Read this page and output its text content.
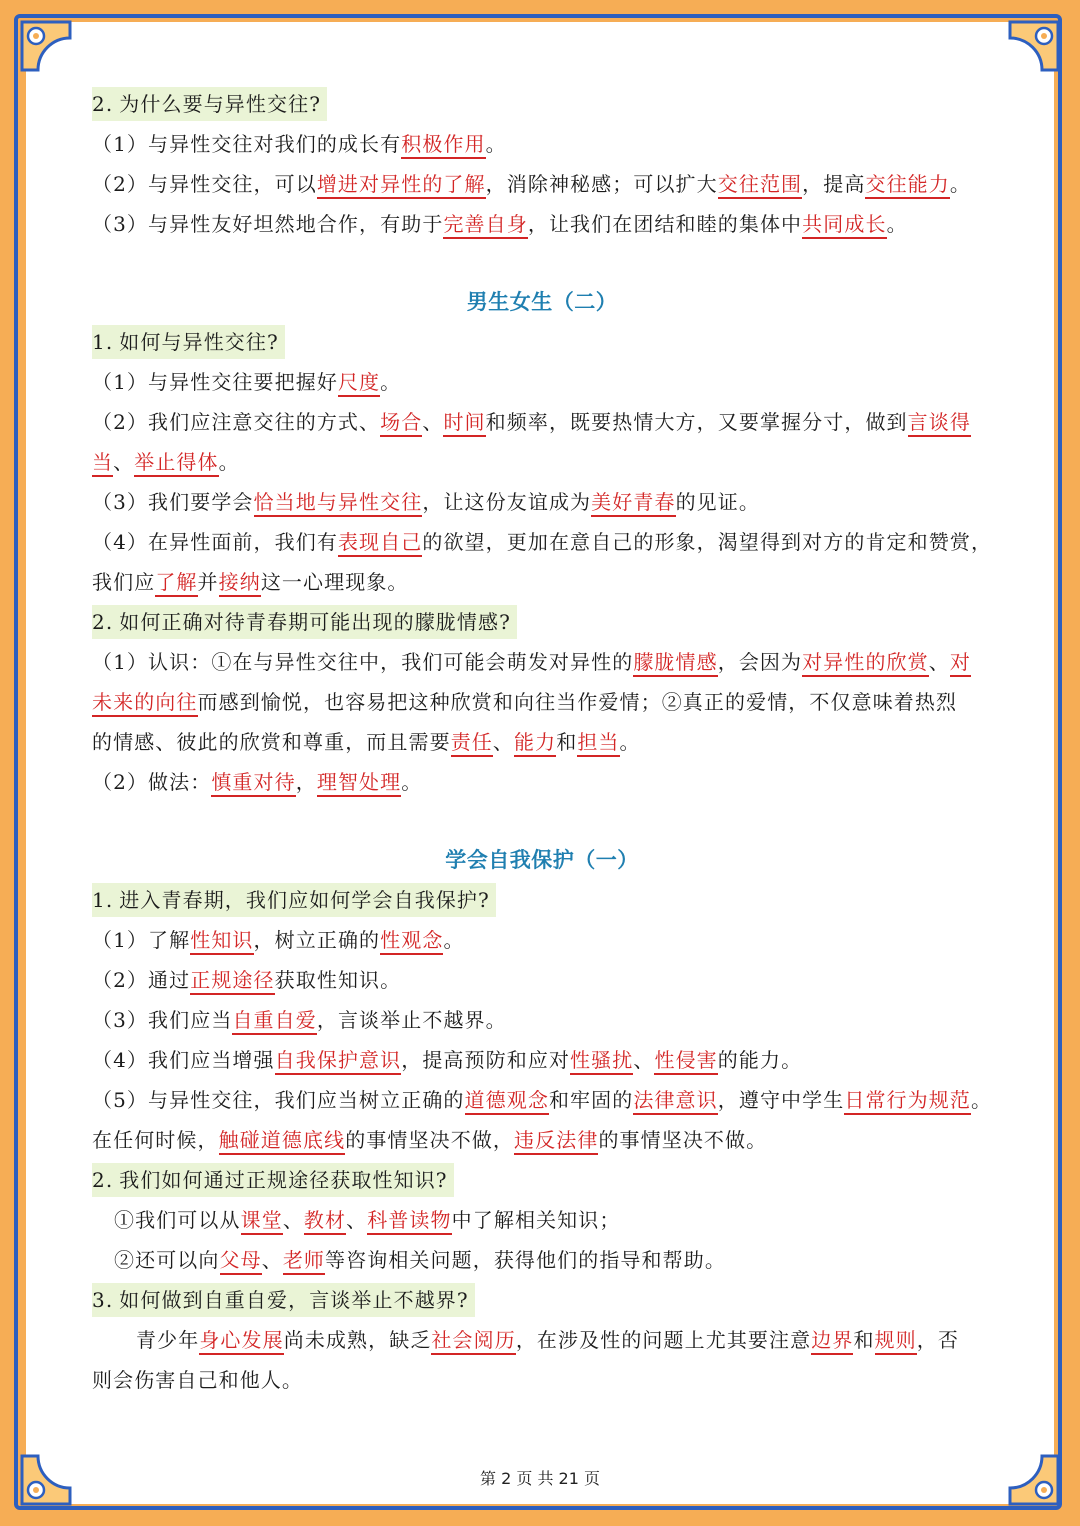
2. 为什么要与异性交往?
（1）与异性交往对我们的成长有积极作用。
（2）与异性交往，可以增进对异性的了解，消除神秘感；可以扩大交往范围，提高交往能力。
（3）与异性友好坦然地合作，有助于完善自身，让我们在团结和睦的集体中共同成长。
男生女生（二）
1. 如何与异性交往?
（1）与异性交往要把握好尺度。
（2）我们应注意交往的方式、场合、时间和频率，既要热情大方，又要掌握分寸，做到言谈得
当、举止得体。
（3）我们要学会恰当地与异性交往，让这份友谊成为美好青春的见证。
（4）在异性面前，我们有表现自己的欲望，更加在意自己的形象，渴望得到对方的肯定和赞赏，
我们应了解并接纳这一心理现象。
2. 如何正确对待青春期可能出现的朦胧情感?
（1）认识：①在与异性交往中，我们可能会萌发对异性的朦胧情感，会因为对异性的欣赏、对
未来的向往而感到愉悦，也容易把这种欣赏和向往当作爱情；②真正的爱情，不仅意味着热烈
的情感、彼此的欣赏和尊重，而且需要责任、能力和担当。
（2）做法：慎重对待，理智处理。
学会自我保护（一）
1. 进入青春期，我们应如何学会自我保护?
（1）了解性知识，树立正确的性观念。
（2）通过正规途径获取性知识。
（3）我们应当自重自爱，言谈举止不越界。
（4）我们应当增强自我保护意识，提高预防和应对性骚扰、性侵害的能力。
（5）与异性交往，我们应当树立正确的道德观念和牢固的法律意识，遵守中学生日常行为规范。
在任何时候，触碰道德底线的事情坚决不做，违反法律的事情坚决不做。
2. 我们如何通过正规途径获取性知识?
①我们可以从课堂、教材、科普读物中了解相关知识；
②还可以向父母、老师等咨询相关问题，获得他们的指导和帮助。
3. 如何做到自重自爱，言谈举止不越界?
青少年身心发展尚未成熟，缺乏社会阅历，在涉及性的问题上尤其要注意边界和规则，否
则会伤害自己和他人。
第 2 页 共 21 页
